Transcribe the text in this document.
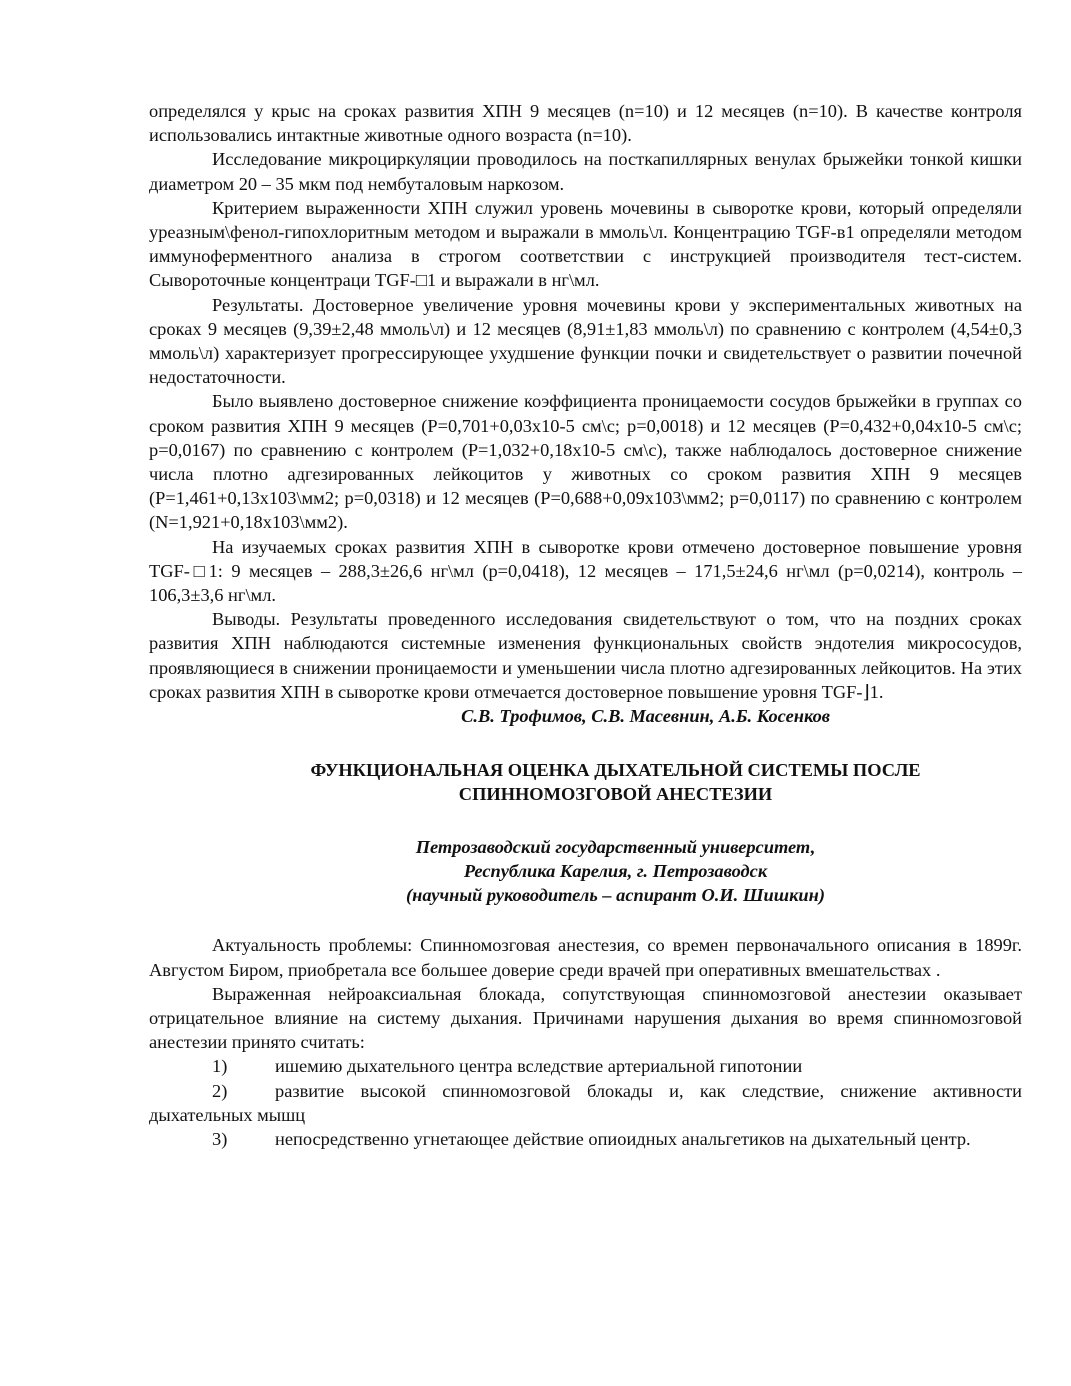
определялся у крыс на сроках развития ХПН 9 месяцев (n=10) и 12 месяцев (n=10). В качестве контроля использовались интактные животные одного возраста (n=10).

Исследование микроциркуляции проводилось на посткапиллярных венулах брыжейки тонкой кишки диаметром 20 – 35 мкм под нембуталовым наркозом.

Критерием выраженности ХПН служил уровень мочевины в сыворотке крови, который определяли уреазным\фенол-гипохлоритным методом и выражали в ммоль\л. Концентрацию TGF-в1 определяли методом иммуноферментного анализа в строгом соответствии с инструкцией производителя тест-систем. Сывороточные концентраци TGF-□1 и выражали в нг\мл.

Результаты. Достоверное увеличение уровня мочевины крови у экспериментальных животных на сроках 9 месяцев (9,39±2,48 ммоль\л) и 12 месяцев (8,91±1,83 ммоль\л) по сравнению с контролем (4,54±0,3 ммоль\л) характеризует прогрессирующее ухудшение функции почки и свидетельствует о развитии почечной недостаточности.

Было выявлено достоверное снижение коэффициента проницаемости сосудов брыжейки в группах со сроком развития ХПН 9 месяцев (P=0,701+0,03x10-5 см\с; p=0,0018) и 12 месяцев (P=0,432+0,04x10-5 см\с; p=0,0167) по сравнению с контролем (P=1,032+0,18x10-5 см\с), также наблюдалось достоверное снижение числа плотно адгезированных лейкоцитов у животных со сроком развития ХПН 9 месяцев (P=1,461+0,13x103\мм2; p=0,0318) и 12 месяцев (P=0,688+0,09x103\мм2; p=0,0117) по сравнению с контролем (N=1,921+0,18x103\мм2).

На изучаемых сроках развития ХПН в сыворотке крови отмечено достоверное повышение уровня TGF-□1: 9 месяцев – 288,3±26,6 нг\мл (p=0,0418), 12 месяцев – 171,5±24,6 нг\мл (p=0,0214), контроль – 106,3±3,6 нг\мл.

Выводы. Результаты проведенного исследования свидетельствуют о том, что на поздних сроках развития ХПН наблюдаются системные изменения функциональных свойств эндотелия микрососудов, проявляющиеся в снижении проницаемости и уменьшении числа плотно адгезированных лейкоцитов. На этих сроках развития ХПН в сыворотке крови отмечается достоверное повышение уровня TGF-⌋1.

С.В. Трофимов, С.В. Масевнин, А.Б. Косенков

ФУНКЦИОНАЛЬНАЯ ОЦЕНКА ДЫХАТЕЛЬНОЙ СИСТЕМЫ ПОСЛЕ
СПИННОМОЗГОВОЙ АНЕСТЕЗИИ
Петрозаводский государственный университет,
Республика Карелия, г. Петрозаводск
(научный руководитель – аспирант О.И. Шишкин)

Актуальность проблемы: Спинномозговая анестезия, со времен первоначального описания в 1899г. Августом Биром, приобретала все большее доверие среди врачей при оперативных вмешательствах .

Выраженная нейроаксиальная блокада, сопутствующая спинномозговой анестезии оказывает отрицательное влияние на систему дыхания. Причинами нарушения дыхания во время спинномозговой анестезии принято считать:

1)	ишемию дыхательного центра вследствие артериальной гипотонии

2)	развитие высокой спинномозговой блокады и, как следствие, снижение активности дыхательных мышц

3)	непосредственно угнетающее действие опиоидных анальгетиков на дыхательный центр.
